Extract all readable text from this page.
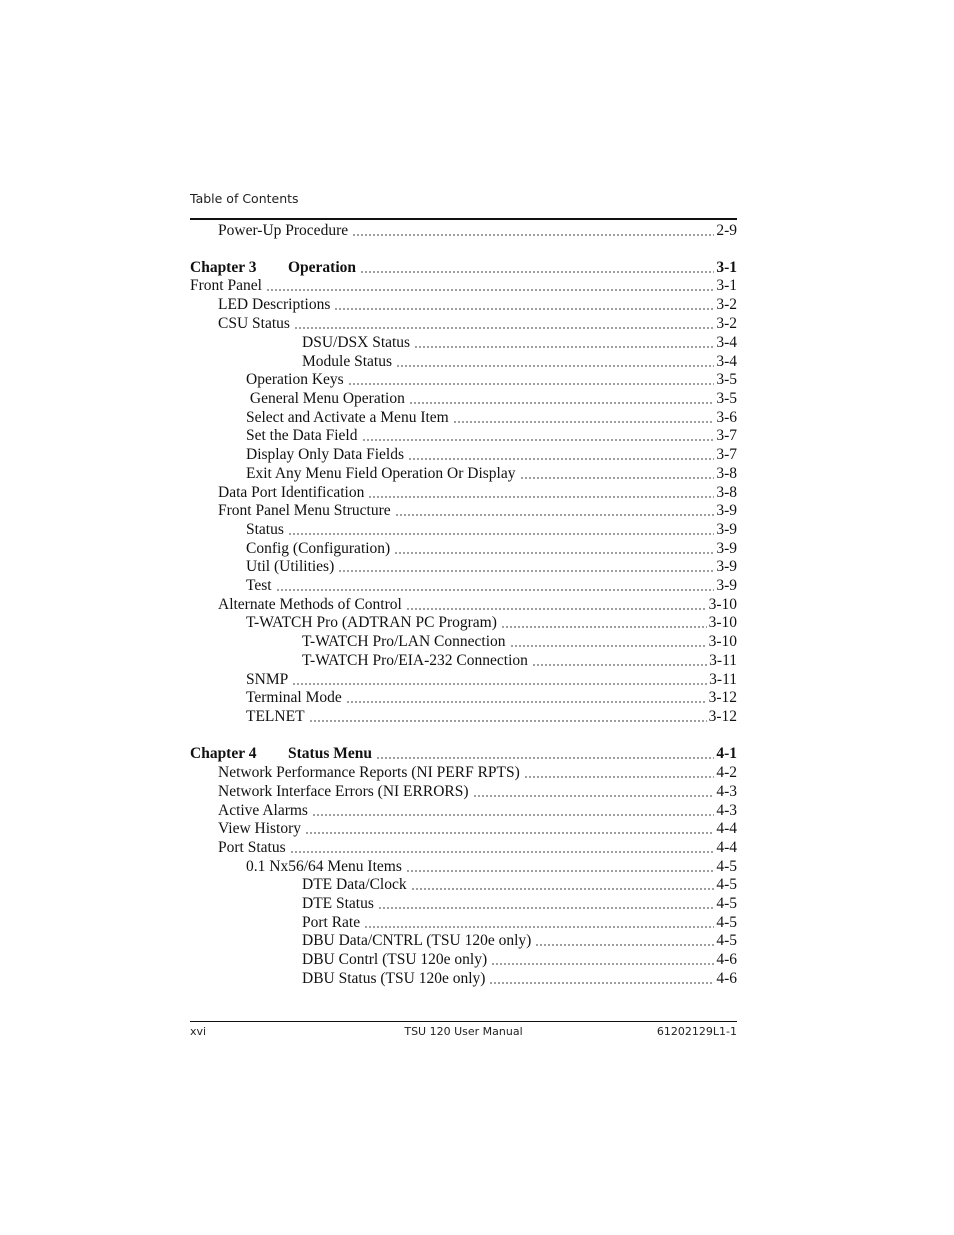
Table of Contents
Power-Up Procedure	2-9
Chapter 3 Operation	3-1
Front Panel	3-1
LED Descriptions	3-2
CSU Status	3-2
DSU/DSX Status	3-4
Module Status	3-4
Operation Keys	3-5
General Menu Operation	3-5
Select and Activate a Menu Item	3-6
Set the Data Field	3-7
Display Only Data Fields	3-7
Exit Any Menu Field Operation Or Display	3-8
Data Port Identification	3-8
Front Panel Menu Structure	3-9
Status	3-9
Config (Configuration)	3-9
Util (Utilities)	3-9
Test	3-9
Alternate Methods of Control	3-10
T-WATCH Pro (ADTRAN PC Program)	3-10
T-WATCH Pro/LAN Connection	3-10
T-WATCH Pro/EIA-232 Connection	3-11
SNMP	3-11
Terminal Mode	3-12
TELNET	3-12
Chapter 4 Status Menu	4-1
Network Performance Reports (NI PERF RPTS)	4-2
Network Interface Errors (NI ERRORS)	4-3
Active Alarms	4-3
View History	4-4
Port Status	4-4
0.1 Nx56/64 Menu Items	4-5
DTE Data/Clock	4-5
DTE Status	4-5
Port Rate	4-5
DBU Data/CNTRL (TSU 120e only)	4-5
DBU Contrl (TSU 120e only)	4-6
DBU Status (TSU 120e only)	4-6
xvi	TSU 120 User Manual	61202129L1-1
